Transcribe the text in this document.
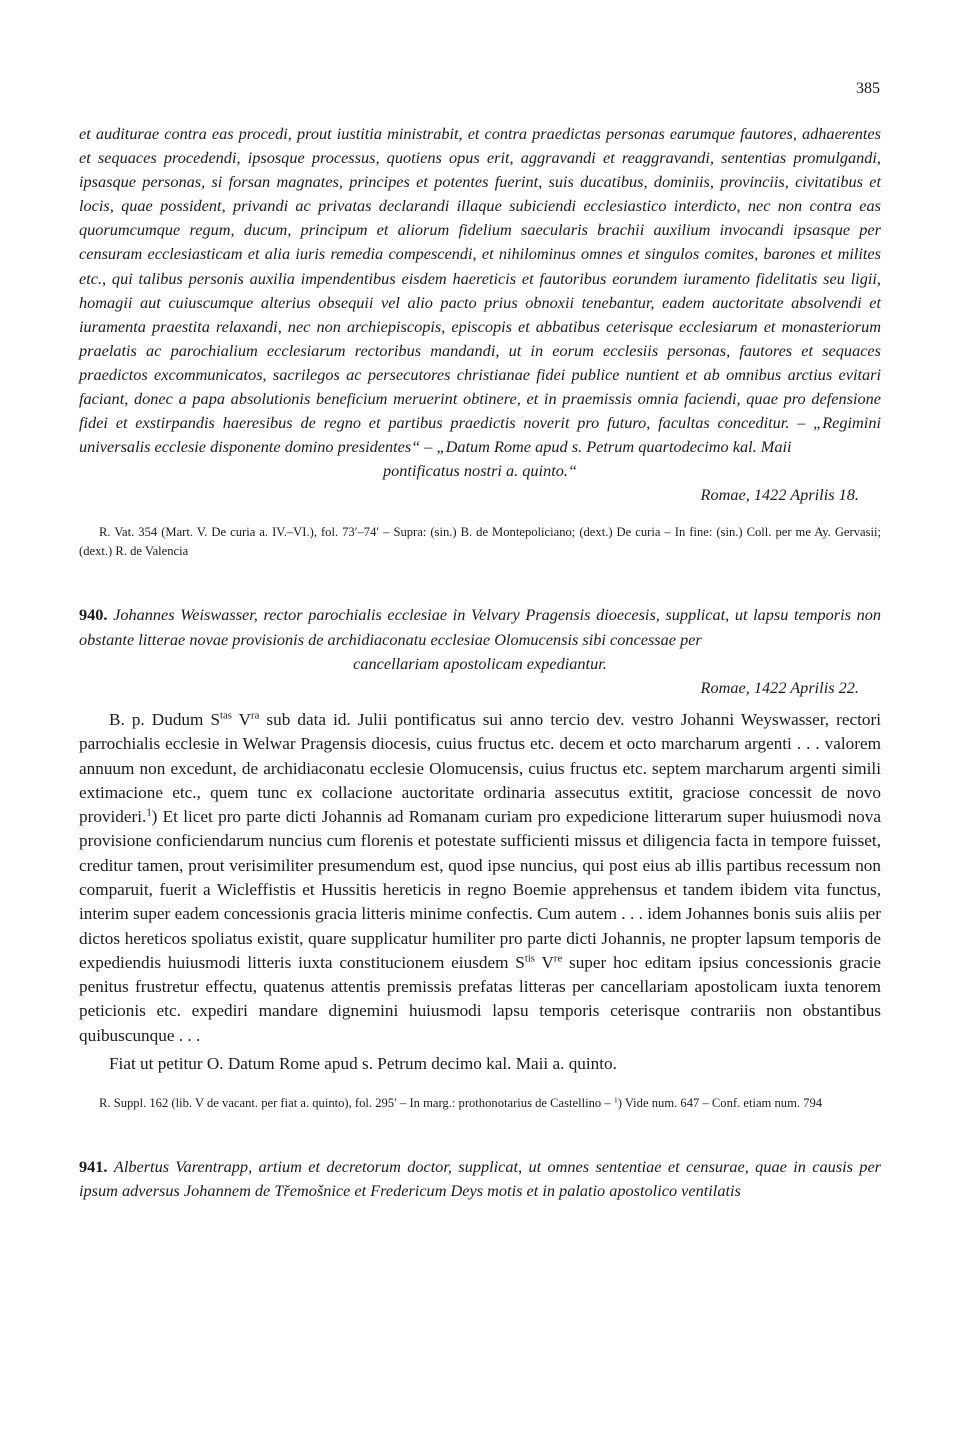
385

et auditurae contra eas procedi, prout iustitia ministrabit, et contra praedictas personas earumque fautores, adhaerentes et sequaces procedendi, ipsosque processus, quotiens opus erit, aggravandi et reaggravandi, sententias promulgandi, ipsasque personas, si forsan magnates, principes et potentes fuerint, suis ducatibus, dominiis, provinciis, civitatibus et locis, quae possident, privandi ac privatas declarandi illaque subiciendi ecclesiastico interdicto, nec non contra eas quorumcumque regum, ducum, principum et aliorum fidelium saecularis brachii auxilium invocandi ipsasque per censuram ecclesiasticam et alia iuris remedia compescendi, et nihilominus omnes et singulos comites, barones et milites etc., qui talibus personis auxilia impendentibus eisdem haereticis et fautoribus eorundem iuramento fidelitatis seu ligii, homagii aut cuiuscumque alterius obsequii vel alio pacto prius obnoxii tenebantur, eadem auctoritate absolvendi et iuramenta praestita relaxandi, nec non archiepiscopis, episcopis et abbatibus ceterisque ecclesiarum et monasteriorum praelatis ac parochialium ecclesiarum rectoribus mandandi, ut in eorum ecclesiis personas, fautores et sequaces praedictos excommunicatos, sacrilegos ac persecutores christianae fidei publice nuntient et ab omnibus arctius evitari faciant, donec a papa absolutionis beneficium meruerint obtinere, et in praemissis omnia faciendi, quae pro defensione fidei et exstirpandis haeresibus de regno et partibus praedictis noverit pro futuro, facultas conceditur. – „Regimini universalis ecclesie disponente domino presidentes“ – „Datum Rome apud s. Petrum quartodecimo kal. Maii

pontificatus nostri a. quinto.“

Romae, 1422 Aprilis 18.

R. Vat. 354 (Mart. V. De curia a. IV.–VI.), fol. 73′–74′ – Supra: (sin.) B. de Montepoliciano; (dext.) De curia – In fine: (sin.) Coll. per me Ay. Gervasii; (dext.) R. de Valencia

940. Johannes Weiswasser, rector parochialis ecclesiae in Velvary Pragensis dioecesis, supplicat, ut lapsu temporis non obstante litterae novae provisionis de archidiaconatu ecclesiae Olomucensis sibi concessae per

cancellariam apostolicam expediantur.

Romae, 1422 Aprilis 22.

B. p. Dudum $S^{tas}$ $V^{ra}$ sub data id. Julii pontificatus sui anno tercio dev. vestro Johanni Weyswasser, rectori parrochialis ecclesie in Welwar Pragensis diocesis, cuius fructus etc. decem et octo marcharum argenti . . . valorem annuum non excedunt, de archidiaconatu ecclesie Olomucensis, cuius fructus etc. septem marcharum argenti simili extimacione etc., quem tunc ex collacione auctoritate ordinaria assecutus extitit, graciose concessit de novo provideri.$^1$) Et licet pro parte dicti Johannis ad Romanam curiam pro expedicione litterarum super huiusmodi nova provisione conficiendarum nuncius cum florenis et potestate sufficienti missus et diligencia facta in tempore fuisset, creditur tamen, prout verisimiliter presumendum est, quod ipse nuncius, qui post eius ab illis partibus recessum non comparuit, fuerit a Wicleffistis et Hussitis hereticis in regno Boemie apprehensus et tandem ibidem vita functus, interim super eadem concessionis gracia litteris minime confectis. Cum autem . . . idem Johannes bonis suis aliis per dictos hereticos spoliatus existit, quare supplicatur humiliter pro parte dicti Johannis, ne propter lapsum temporis de expediendis huiusmodi litteris iuxta constitucionem eiusdem $S^{tis}$ Vre super hoc editam ipsius concessionis gracie penitus frustretur effectu, quatenus attentis premissis prefatas litteras per cancellariam apostolicam iuxta tenorem peticionis etc. expediri mandare dignemini huiusmodi lapsu temporis ceterisque contrariis non obstantibus quibuscunque . . .

Fiat ut petitur O. Datum Rome apud s. Petrum decimo kal. Maii a. quinto.

R. Suppl. 162 (lib. V de vacant. per fiat a. quinto), fol. 295′ – In marg.: prothonotarius de Castellino – $^1$) Vide num. 647 – Conf. etiam num. 794

941. Albertus Varentrapp, artium et decretorum doctor, supplicat, ut omnes sententiae et censurae, quae in causis per ipsum adversus Johannem de Třemošnice et Fredericum Deys motis et in palatio apostolico ventilatis
